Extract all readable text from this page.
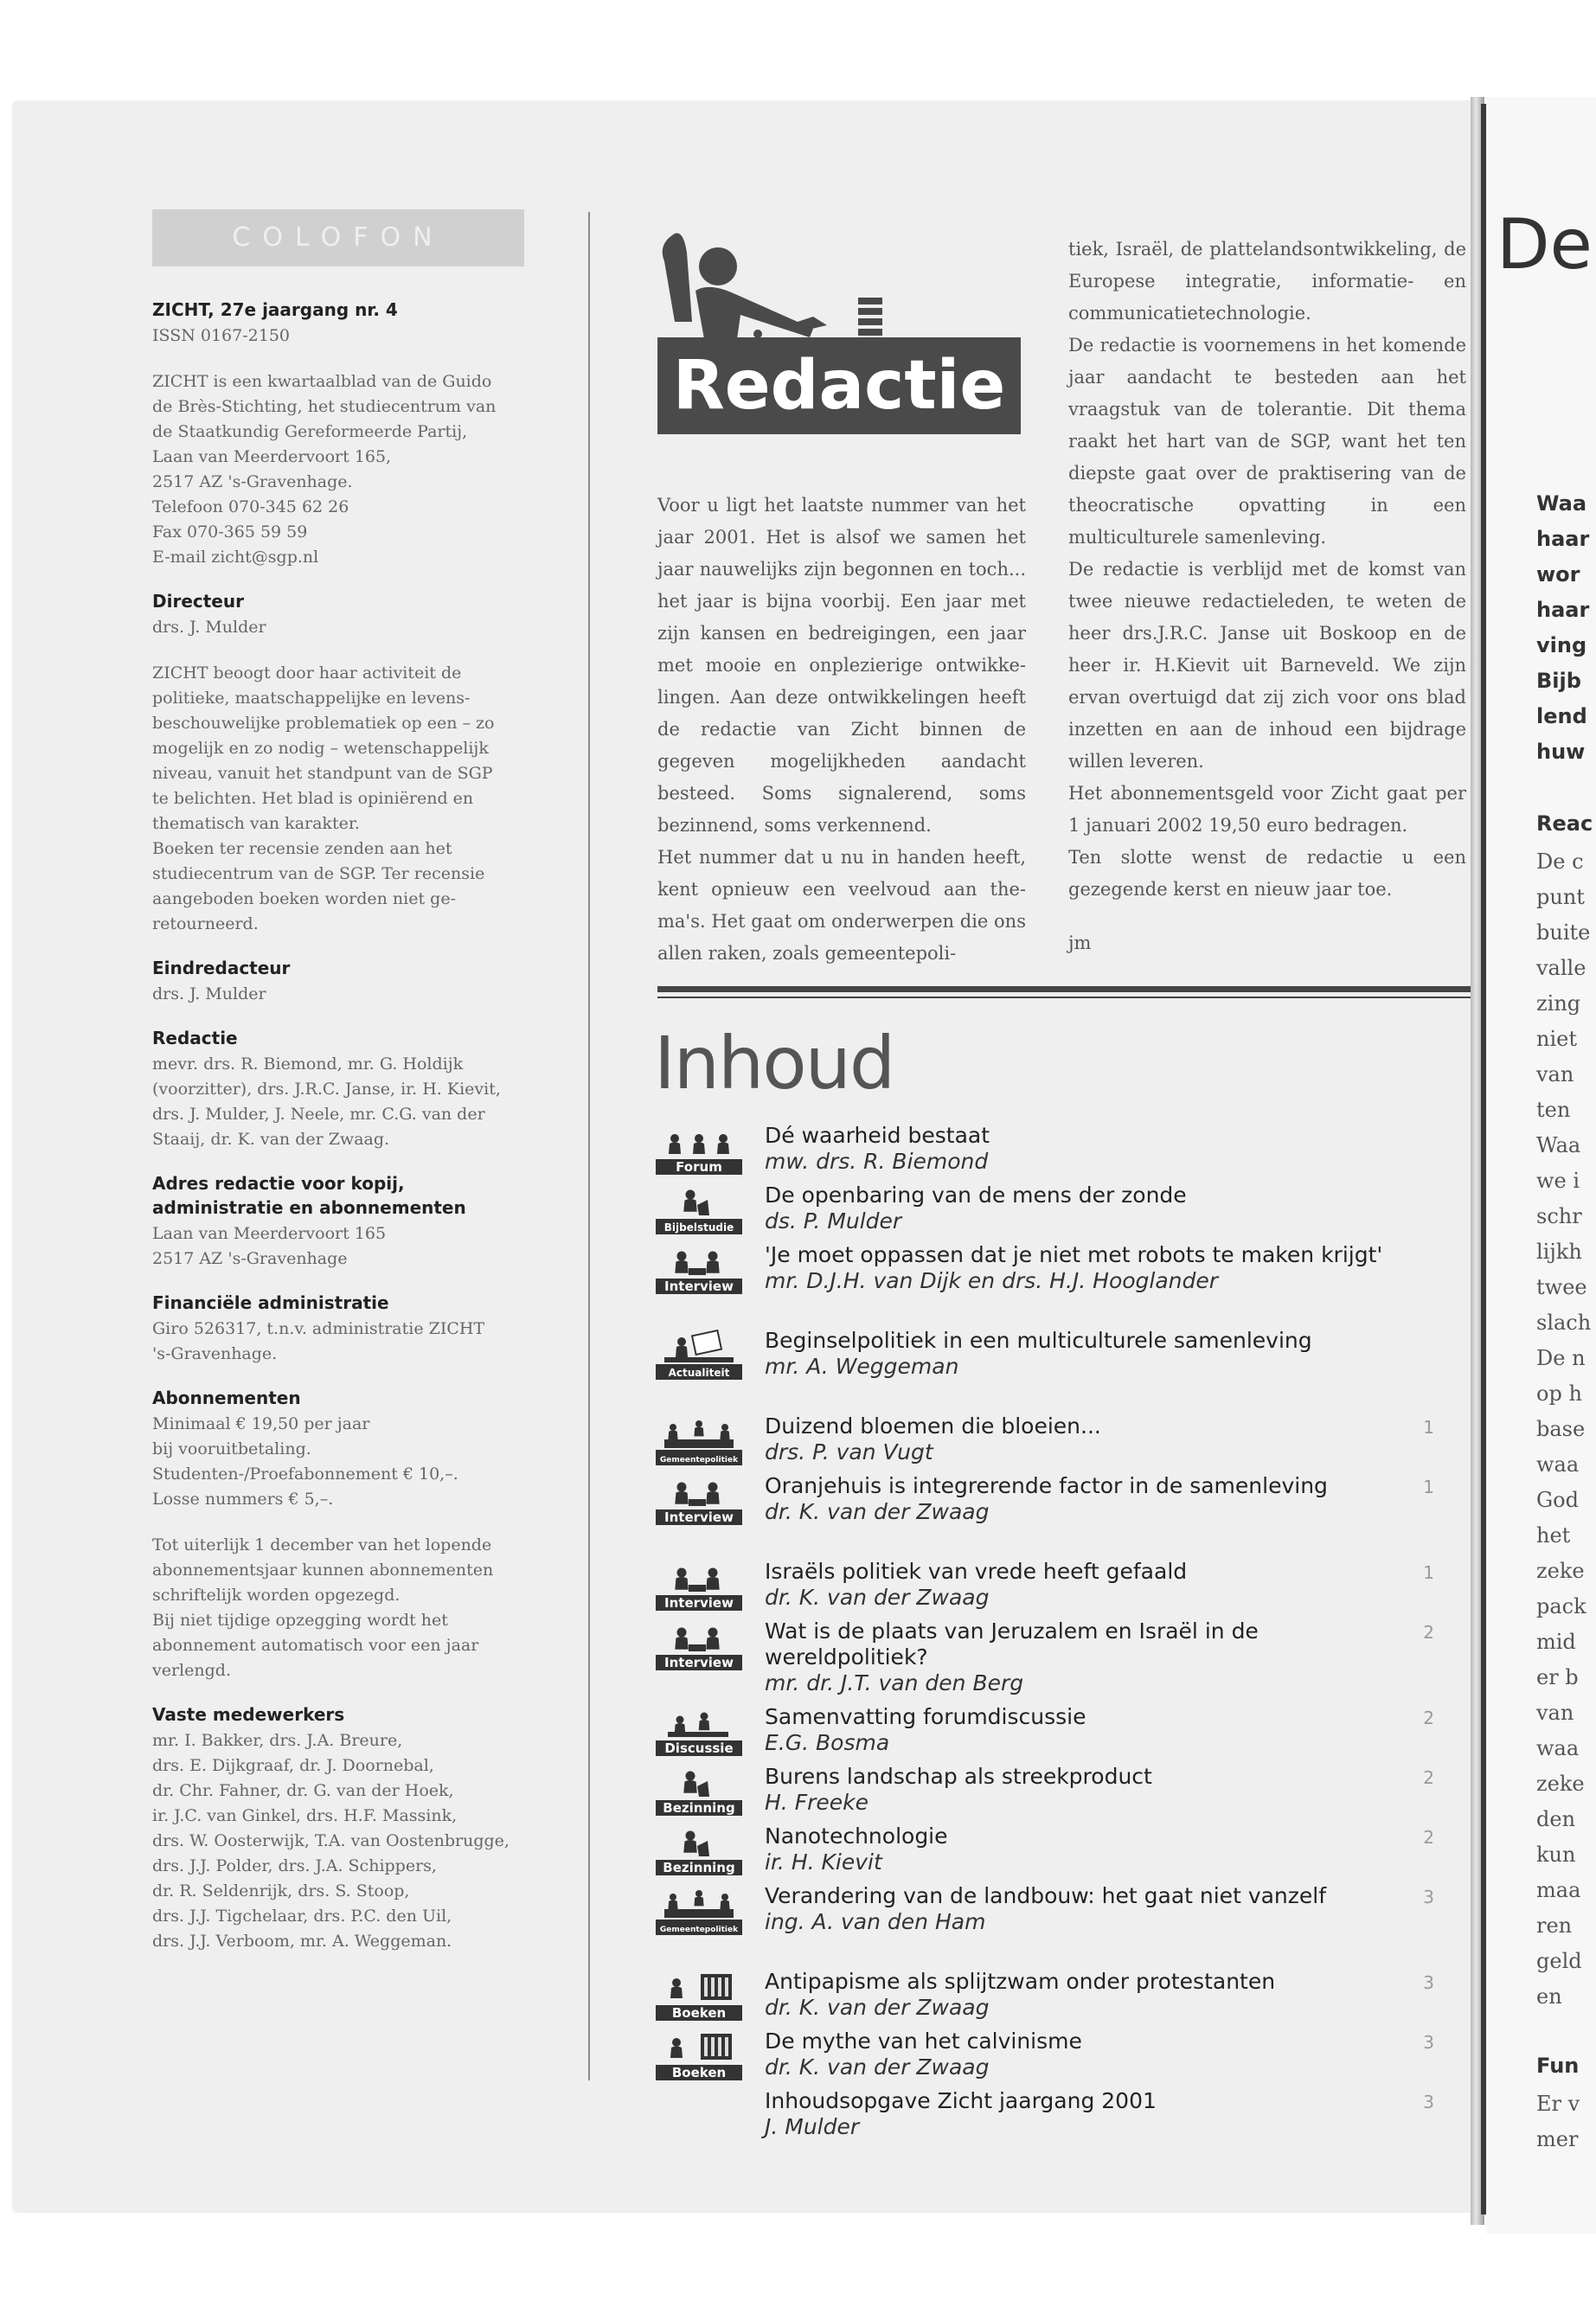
COLOFON
ZICHT, 27e jaargang nr. 4
ISSN 0167-2150
ZICHT is een kwartaalblad van de Guido
de Brès-Stichting, het studiecentrum van
de Staatkundig Gereformeerde Partij,
Laan van Meerdervoort 165,
2517 AZ 's-Gravenhage.
Telefoon 070-345 62 26
Fax 070-365 59 59
E-mail zicht@sgp.nl
Directeur
drs. J. Mulder
ZICHT beoogt door haar activiteit de
politieke, maatschappelijke en levens-
beschouwelijke problematiek op een – zo
mogelijk en zo nodig – wetenschappelijk
niveau, vanuit het standpunt van de SGP
te belichten. Het blad is opiniërend en
thematisch van karakter.
Boeken ter recensie zenden aan het
studiecentrum van de SGP. Ter recensie
aangeboden boeken worden niet ge-
retourneerd.
Eindredacteur
drs. J. Mulder
Redactie
mevr. drs. R. Biemond, mr. G. Holdijk
(voorzitter), drs. J.R.C. Janse, ir. H. Kievit,
drs. J. Mulder, J. Neele, mr. C.G. van der
Staaij, dr. K. van der Zwaag.
Adres redactie voor kopij,
administratie en abonnementen
Laan van Meerdervoort 165
2517 AZ 's-Gravenhage
Financiële administratie
Giro 526317, t.n.v. administratie ZICHT
's-Gravenhage.
Abonnementen
Minimaal € 19,50 per jaar
bij vooruitbetaling.
Studenten-/Proefabonnement € 10,–.
Losse nummers € 5,–.
Tot uiterlijk 1 december van het lopende
abonnementsjaar kunnen abonnementen
schriftelijk worden opgezegd.
Bij niet tijdige opzegging wordt het
abonnement automatisch voor een jaar
verlengd.
Vaste medewerkers
mr. I. Bakker, drs. J.A. Breure,
drs. E. Dijkgraaf, dr. J. Doornebal,
dr. Chr. Fahner, dr. G. van der Hoek,
ir. J.C. van Ginkel, drs. H.F. Massink,
drs. W. Oosterwijk, T.A. van Oostenbrugge,
drs. J.J. Polder, drs. J.A. Schippers,
dr. R. Seldenrijk, drs. S. Stoop,
drs. J.J. Tigchelaar, drs. P.C. den Uil,
drs. J.J. Verboom, mr. A. Weggeman.
Redactie

Voor u ligt het laatste nummer van het jaar 2001. Het is alsof we samen het jaar nauwelijks zijn begonnen en toch... het jaar is bijna voorbij. Een jaar met zijn kansen en bedreigingen, een jaar met mooie en onplezierige ontwikke-lingen. Aan deze ontwikkelingen heeft de redactie van Zicht binnen de gegeven mogelijkheden aandacht besteed. Soms signalerend, soms bezinnend, soms verkennend.

Het nummer dat u nu in handen heeft, kent opnieuw een veelvoud aan the-ma's. Het gaat om onderwerpen die ons allen raken, zoals gemeentepoli-

tiek, Israël, de plattelandsontwikkeling, de Europese integratie, informatie- en communicatietechnologie.

De redactie is voornemens in het komende jaar aandacht te besteden aan het vraagstuk van de tolerantie. Dit thema raakt het hart van de SGP, want het ten diepste gaat over de praktisering van de theocratische opvatting in een multiculturele samenleving.

De redactie is verblijd met de komst van twee nieuwe redactieleden, te weten de heer drs.J.R.C. Janse uit Boskoop en de heer ir. H.Kievit uit Barneveld. We zijn ervan overtuigd dat zij zich voor ons blad inzetten en aan de inhoud een bijdrage willen leveren.

Het abonnementsgeld voor Zicht gaat per 1 januari 2002 19,50 euro bedragen.

Ten slotte wenst de redactie u een gezegende kerst en nieuw jaar toe.

jm
Inhoud
Forum
Dé waarheid bestaat
mw. drs. R. Biemond
Bijbelstudie
De openbaring van de mens der zonde
ds. P. Mulder
Interview
'Je moet oppassen dat je niet met robots te maken krijgt'
mr. D.J.H. van Dijk en drs. H.J. Hooglander
Actualiteit
Beginselpolitiek in een multiculturele samenleving
mr. A. Weggeman
Gemeentepolitiek
Duizend bloemen die bloeien...
drs. P. van Vugt
1
Interview
Oranjehuis is integrerende factor in de samenleving
dr. K. van der Zwaag
1
Interview
Israëls politiek van vrede heeft gefaald
dr. K. van der Zwaag
1
Interview
Wat is de plaats van Jeruzalem en Israël in de wereldpolitiek?
mr. dr. J.T. van den Berg
2
Discussie
Samenvatting forumdiscussie
E.G. Bosma
2
Bezinning
Burens landschap als streekproduct
H. Freeke
2
Bezinning
Nanotechnologie
ir. H. Kievit
2
Gemeentepolitiek
Verandering van de landbouw: het gaat niet vanzelf
ing. A. van den Ham
3
Boeken
Antipapisme als splijtzwam onder protestanten
dr. K. van der Zwaag
3
Boeken
De mythe van het calvinisme
dr. K. van der Zwaag
3
Inhoudsopgave Zicht jaargang 2001
J. Mulder
3
De
Waa
haar
wor
haar
ving
Bijb
lend
huw
Reac
De c
punt
buite
valle
zing
niet
van
ten
Waa
we i
schr
lijkh
twee
slach
De n
op h
base
waa
God
het
zeke
pack
mid
er b
van
waa
zeke
den
kun
maa
ren
geld
en
Fun
Er v
mer
